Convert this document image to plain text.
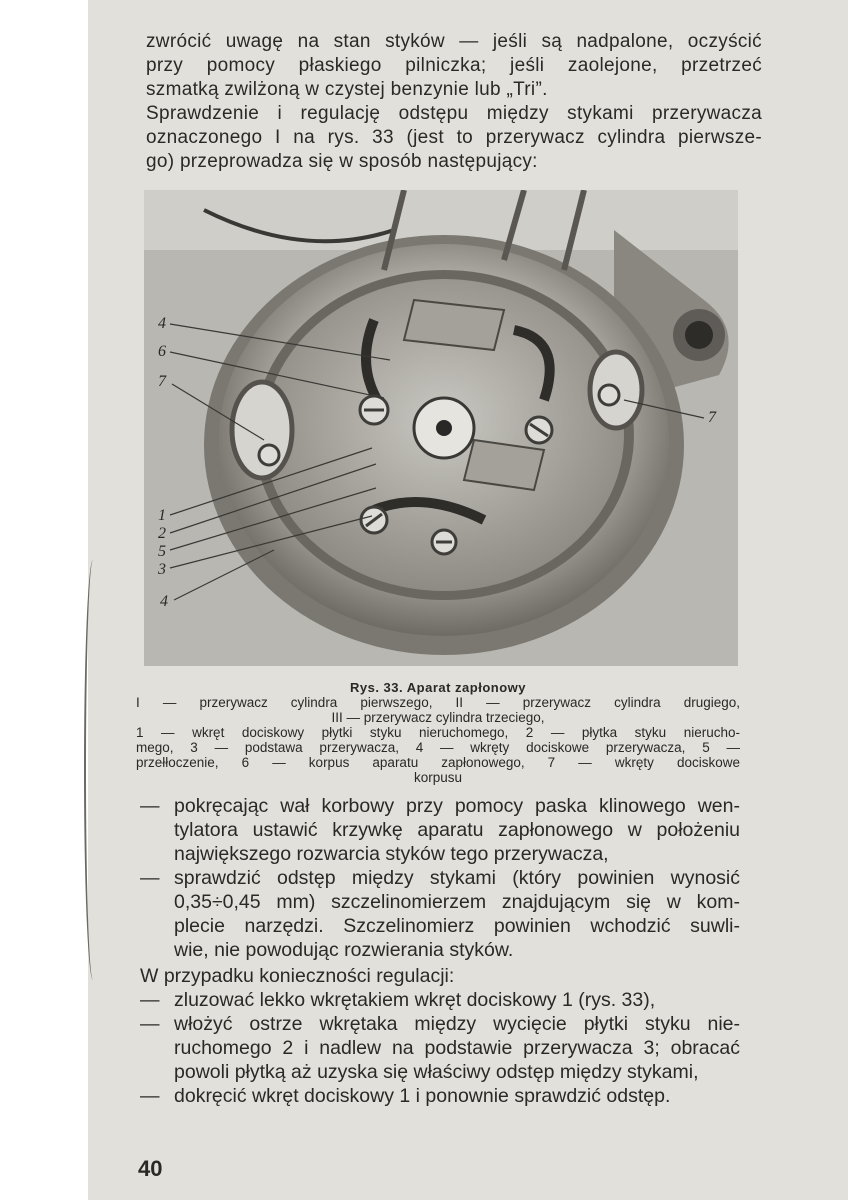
zwrócić uwagę na stan styków — jeśli są nadpalone, oczyścić
przy pomocy płaskiego pilniczka; jeśli zaolejone, przetrzeć
szmatką zwilżoną w czystej benzynie lub „Tri”.
Sprawdzenie i regulację odstępu między stykami przerywacza
oznaczonego I na rys. 33 (jest to przerywacz cylindra pierwsze-
go) przeprowadza się w sposób następujący:
4
6
7
1
2
5
3
4
7
Rys. 33. Aparat zapłonowy
I — przerywacz cylindra pierwszego, II — przerywacz cylindra drugiego,
III — przerywacz cylindra trzeciego,
1 — wkręt dociskowy płytki styku nieruchomego, 2 — płytka styku nierucho-
mego, 3 — podstawa przerywacza, 4 — wkręty dociskowe przerywacza, 5 —
przełłoczenie, 6 — korpus aparatu zapłonowego, 7 — wkręty dociskowe
korpusu
— pokręcając wał korbowy przy pomocy paska klinowego wen-
tylatora ustawić krzywkę aparatu zapłonowego w położeniu
największego rozwarcia styków tego przerywacza,
— sprawdzić odstęp między stykami (który powinien wynosić
0,35÷0,45 mm) szczelinomierzem znajdującym się w kom-
plecie narzędzi. Szczelinomierz powinien wchodzić suwli-
wie, nie powodując rozwierania styków.
W przypadku konieczności regulacji:
— zluzować lekko wkrętakiem wkręt dociskowy 1 (rys. 33),
— włożyć ostrze wkrętaka między wycięcie płytki styku nie-
ruchomego 2 i nadlew na podstawie przerywacza 3; obracać
powoli płytką aż uzyska się właściwy odstęp między stykami,
— dokręcić wkręt dociskowy 1 i ponownie sprawdzić odstęp.
40
